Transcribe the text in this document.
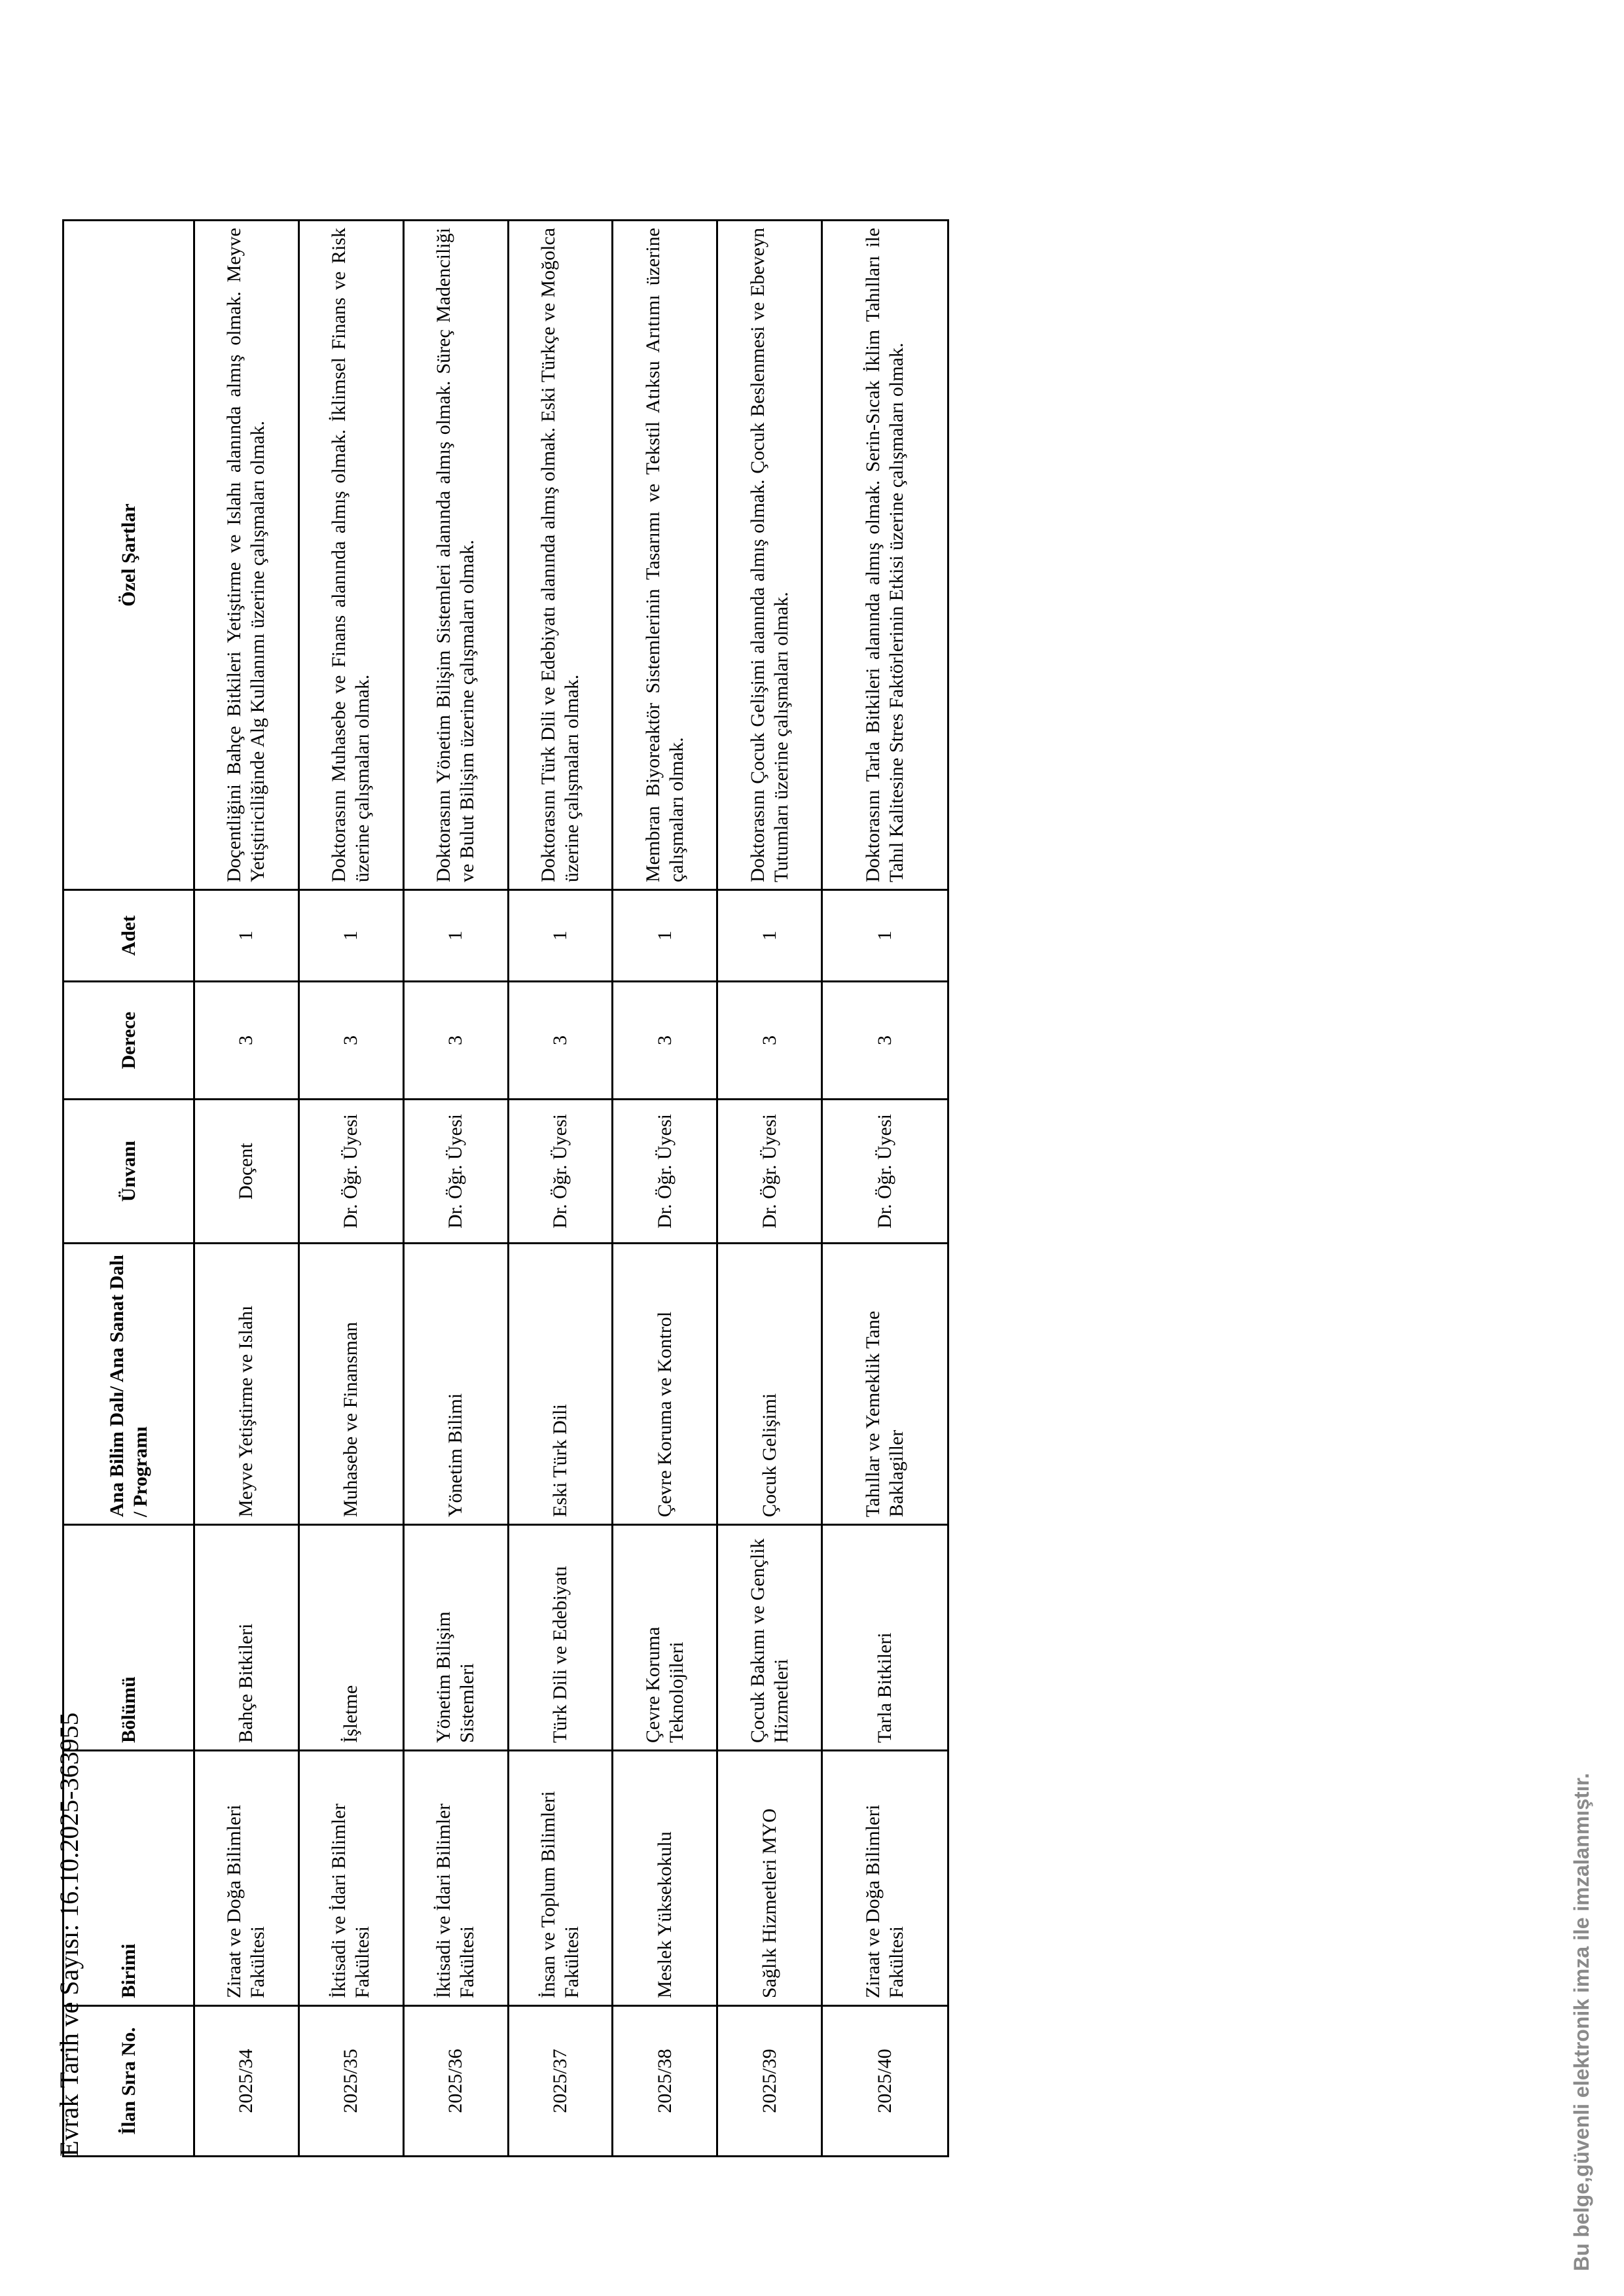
İlan Sıra No.	Birimi	Bölümü	Ana Bilim Dalı/ Ana Sanat Dalı / Programı	Ünvanı	Derece	Adet	Özel Şartlar
2025/34	Ziraat ve Doğa Bilimleri Fakültesi	Bahçe Bitkileri	Meyve Yetiştirme ve Islahı	Doçent	3	1	Doçentliğini Bahçe Bitkileri Yetiştirme ve Islahı alanında almış olmak. Meyve Yetiştiriciliğinde Alg Kullanımı üzerine çalışmaları olmak.
2025/35	İktisadi ve İdari Bilimler Fakültesi	İşletme	Muhasebe ve Finansman	Dr. Öğr. Üyesi	3	1	Doktorasını Muhasebe ve Finans alanında almış olmak. İklimsel Finans ve Risk üzerine çalışmaları olmak.
2025/36	İktisadi ve İdari Bilimler Fakültesi	Yönetim Bilişim Sistemleri	Yönetim Bilimi	Dr. Öğr. Üyesi	3	1	Doktorasını Yönetim Bilişim Sistemleri alanında almış olmak. Süreç Madenciliği ve Bulut Bilişim üzerine çalışmaları olmak.
2025/37	İnsan ve Toplum Bilimleri Fakültesi	Türk Dili ve Edebiyatı	Eski Türk Dili	Dr. Öğr. Üyesi	3	1	Doktorasını Türk Dili ve Edebiyatı alanında almış olmak. Eski Türkçe ve Moğolca üzerine çalışmaları olmak.
2025/38	Meslek Yüksekokulu	Çevre Koruma Teknolojileri	Çevre Koruma ve Kontrol	Dr. Öğr. Üyesi	3	1	Membran Biyoreaktör Sistemlerinin Tasarımı ve Tekstil Atıksu Arıtımı üzerine çalışmaları olmak.
2025/39	Sağlık Hizmetleri MYO	Çocuk Bakımı ve Gençlik Hizmetleri	Çocuk Gelişimi	Dr. Öğr. Üyesi	3	1	Doktorasını Çocuk Gelişimi alanında almış olmak. Çocuk Beslenmesi ve Ebeveyn Tutumları üzerine çalışmaları olmak.
2025/40	Ziraat ve Doğa Bilimleri Fakültesi	Tarla Bitkileri	Tahıllar ve Yemeklik Tane Baklagiller	Dr. Öğr. Üyesi	3	1	Doktorasını Tarla Bitkileri alanında almış olmak. Serin-Sıcak İklim Tahılları ile Tahıl Kalitesine Stres Faktörlerinin Etkisi üzerine çalışmaları olmak.
Evrak Tarih ve Sayısı: 16.10.2025-363955	Bu belge,güvenli elektronik imza ile imzalanmıştır.
